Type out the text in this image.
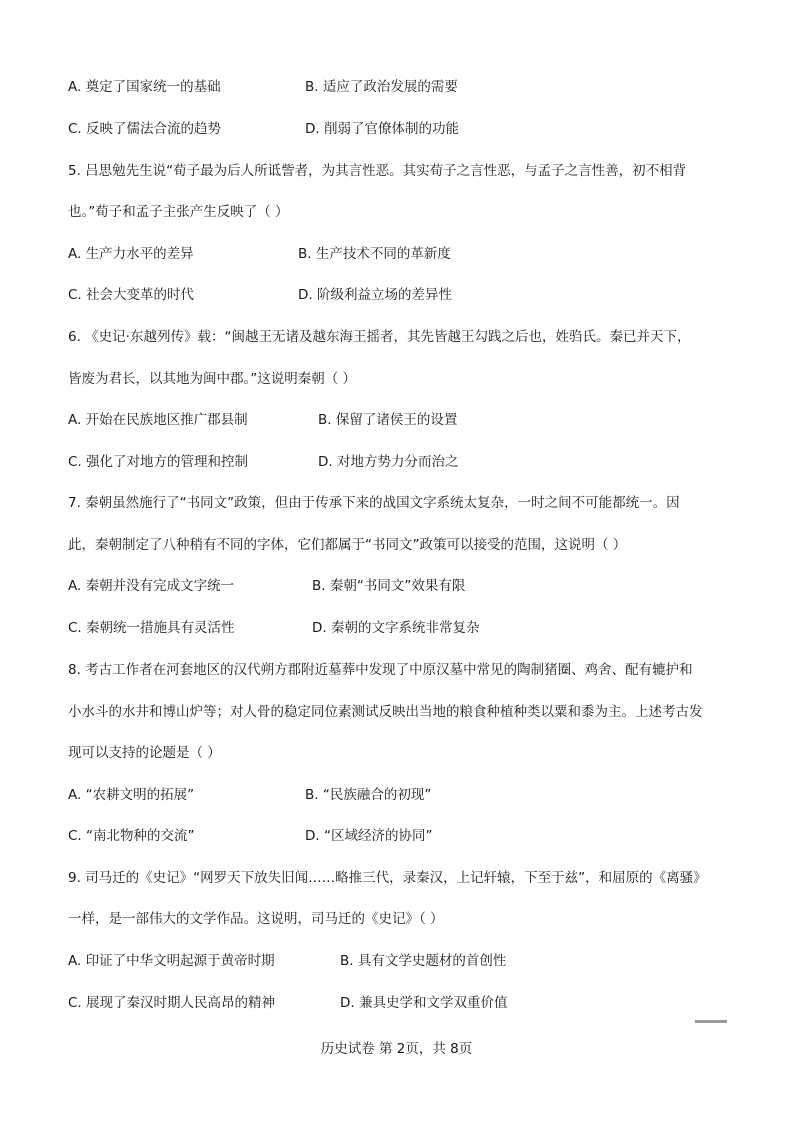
A. 奠定了国家统一的基础	B. 适应了政治发展的需要
C. 反映了儒法合流的趋势	D. 削弱了官僚体制的功能
5. 吕思勉先生说“荀子最为后人所诋訾者，为其言性恶。其实荀子之言性恶，与孟子之言性善，初不相背
也。”荀子和孟子主张产生反映了（ ）
A. 生产力水平的差异	B. 生产技术不同的革新度
C. 社会大变革的时代	D. 阶级利益立场的差异性
6. 《史记·东越列传》载：“闽越王无诸及越东海王摇者，其先皆越王勾践之后也，姓驺氏。秦已并天下，
皆废为君长，以其地为闽中郡。”这说明秦朝（ ）
A. 开始在民族地区推广郡县制	B. 保留了诸侯王的设置
C. 强化了对地方的管理和控制	D. 对地方势力分而治之
7. 秦朝虽然施行了“书同文”政策，但由于传承下来的战国文字系统太复杂，一时之间不可能都统一。因
此，秦朝制定了八种稍有不同的字体，它们都属于“书同文”政策可以接受的范围，这说明（ ）
A. 秦朝并没有完成文字统一	B. 秦朝“书同文”效果有限
C. 秦朝统一措施具有灵活性	D. 秦朝的文字系统非常复杂
8. 考古工作者在河套地区的汉代朔方郡附近墓葬中发现了中原汉墓中常见的陶制猪圈、鸡舍、配有辘护和
小水斗的水井和博山炉等；对人骨的稳定同位素测试反映出当地的粮食种植种类以粟和黍为主。上述考古发
现可以支持的论题是（ ）
A. “农耕文明的拓展”	B. “民族融合的初现”
C. “南北物种的交流”	D. “区域经济的协同”
9. 司马迁的《史记》“网罗天下放失旧闻……略推三代，录秦汉，上记轩辕，下至于兹”，和屈原的《离骚》
一样，是一部伟大的文学作品。这说明，司马迁的《史记》（ ）
A. 印证了中华文明起源于黄帝时期	B. 具有文学史题材的首创性
C. 展现了秦汉时期人民高昂的精神	D. 兼具史学和文学双重价值
历史试卷 第 2页，共 8页
